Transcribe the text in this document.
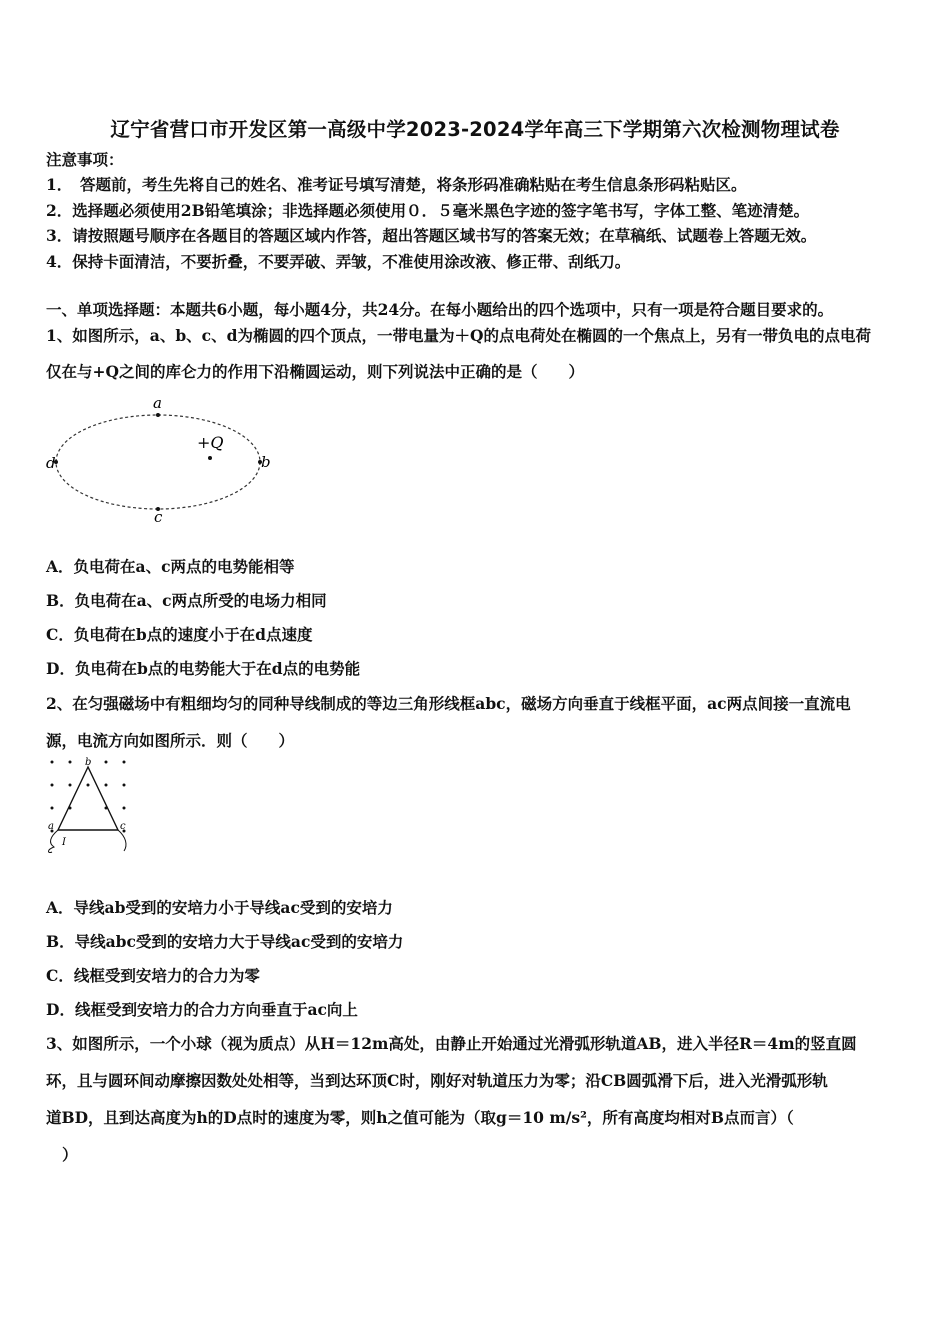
辽宁省营口市开发区第一高级中学2023-2024学年高三下学期第六次检测物理试卷
注意事项：
1．　答题前，考生先将自己的姓名、准考证号填写清楚，将条形码准确粘贴在考生信息条形码粘贴区。
2．选择题必须使用2B铅笔填涂；非选择题必须使用０．５毫米黑色字迹的签字笔书写，字体工整、笔迹清楚。
3．请按照题号顺序在各题目的答题区域内作答，超出答题区域书写的答案无效；在草稿纸、试题卷上答题无效。
4．保持卡面清洁，不要折叠，不要弄破、弄皱，不准使用涂改液、修正带、刮纸刀。
一、单项选择题：本题共6小题，每小题4分，共24分。在每小题给出的四个选项中，只有一项是符合题目要求的。
1、如图所示，a、b、c、d为椭圆的四个顶点，一带电量为＋Q的点电荷处在椭圆的一个焦点上，另有一带负电的点电荷
仅在与+Q之间的库仑力的作用下沿椭圆运动，则下列说法中正确的是（　　）
a
b
c
d
+Q
A．负电荷在a、c两点的电势能相等
B．负电荷在a、c两点所受的电场力相同
C．负电荷在b点的速度小于在d点速度
D．负电荷在b点的电势能大于在d点的电势能
2、在匀强磁场中有粗细均匀的同种导线制成的等边三角形线框abc，磁场方向垂直于线框平面，ac两点间接一直流电
源，电流方向如图所示．则（　　）
b
a	c
I
A．导线ab受到的安培力小于导线ac受到的安培力
B．导线abc受到的安培力大于导线ac受到的安培力
C．线框受到安培力的合力为零
D．线框受到安培力的合力方向垂直于ac向上
3、如图所示，一个小球（视为质点）从H＝12m高处，由静止开始通过光滑弧形轨道AB，进入半径R＝4m的竖直圆
环，且与圆环间动摩擦因数处处相等，当到达环顶C时，刚好对轨道压力为零；沿CB圆弧滑下后，进入光滑弧形轨
道BD，且到达高度为h的D点时的速度为零，则h之值可能为（取g＝10 m/s²，所有高度均相对B点而言）（
）
